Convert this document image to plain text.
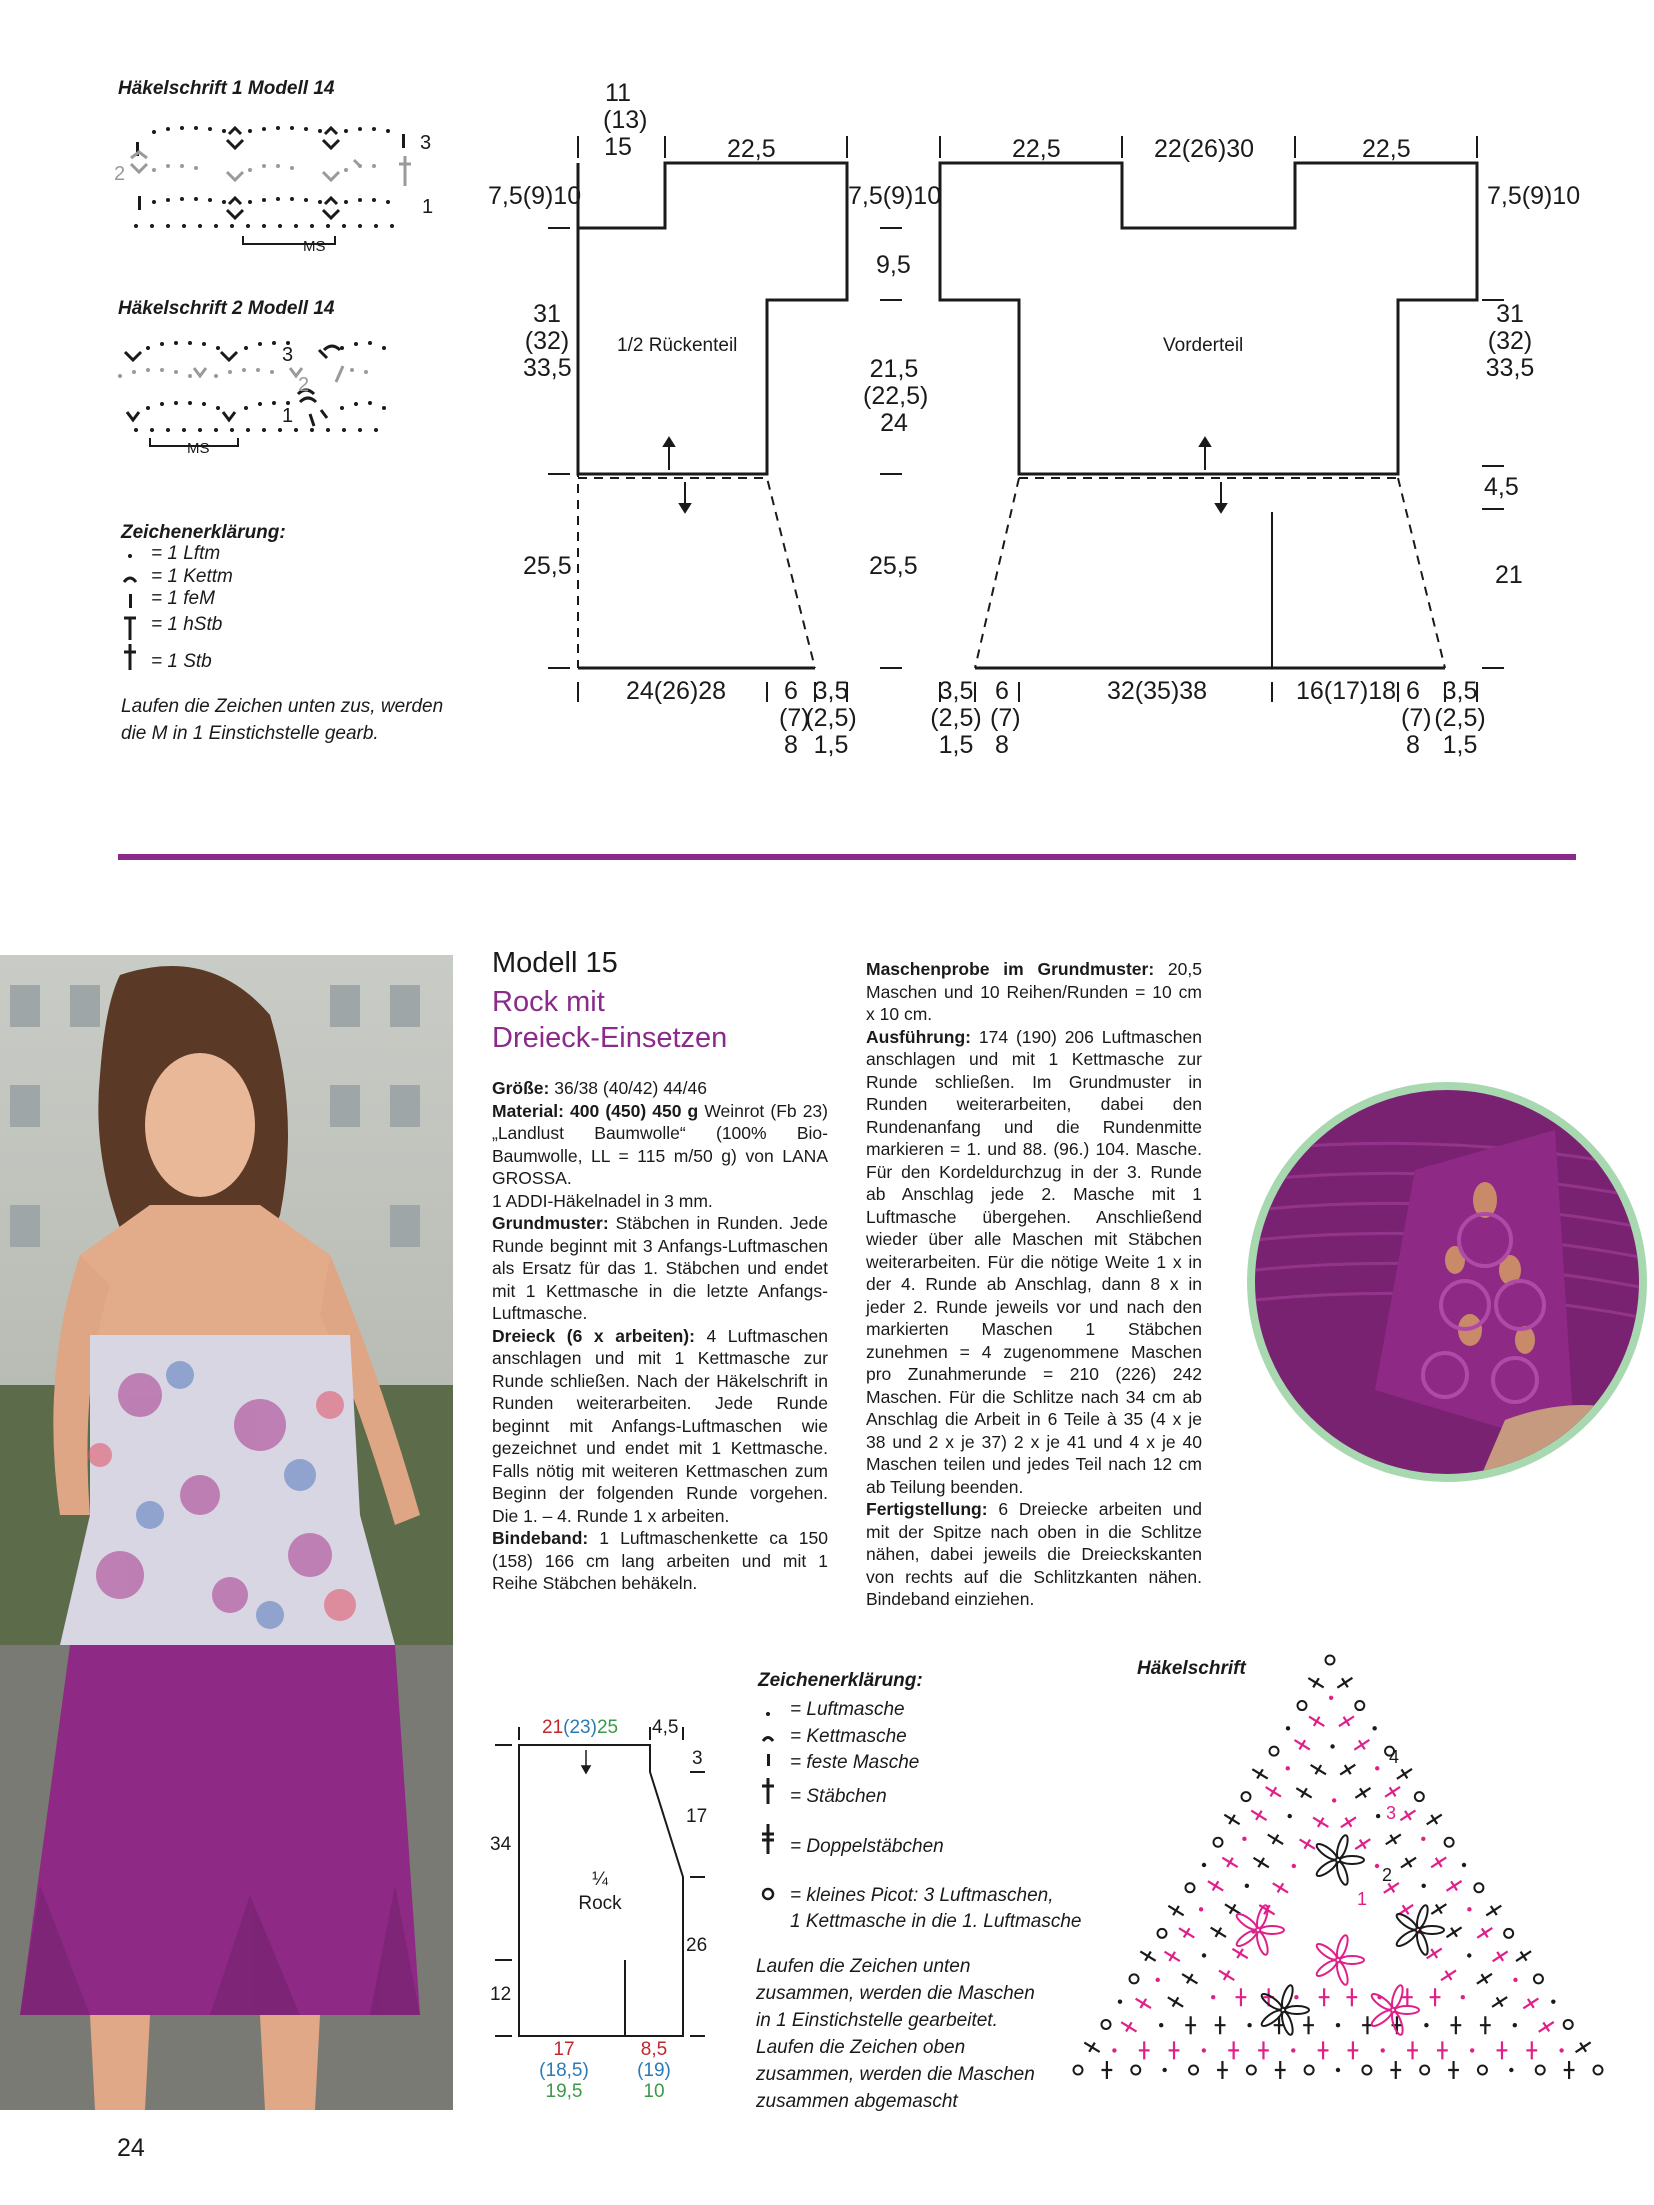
Häkelschrift 1 Modell 14
MS
3
2
1
Häkelschrift 2 Modell 14
MS
3
2
1
Zeichenerklärung:
= 1 Lftm
= 1 Kettm
= 1 feM
= 1 hStb
= 1 Stb
Laufen die Zeichen unten zus, werden
die M in 1 Einstichstelle gearb.
11
(13)
15	22,5
7,5(9)10
31
(32)
33,5
25,5
1/2 Rückenteil
24(26)28 6
(7)
8
3,5
(2,5)
1,5
7,5(9)10
9,5
21,5
(22,5)
24
25,5
22,5	22(26)30	22,5
7,5(9)10
31
(32)
33,5
4,5
21
Vorderteil
3,5
(2,5)
1,5
6
(7)
8
32(35)38	16(17)18 6
(7)
8
3,5
(2,5)
1,5
Modell 15
Rock mit
Dreieck-Einsetzen

Größe: 36/38 (40/42) 44/46

Material: 400 (450) 450 g Weinrot (Fb 23) „Landlust Baumwolle“ (100% Bio-Baumwolle, LL = 115 m/50 g) von LANA GROSSA.

1 ADDI-Häkelnadel in 3 mm.

Grundmuster: Stäbchen in Runden. Jede Runde beginnt mit 3 Anfangs-Luftmaschen als Ersatz für das 1. Stäbchen und endet mit 1 Kettmasche in die letzte Anfangs-Luftmasche.

Dreieck (6 x arbeiten): 4 Luftmaschen anschlagen und mit 1 Kettmasche zur Runde schließen. Nach der Häkelschrift in Runden weiterarbeiten. Jede Runde beginnt mit Anfangs-Luftmaschen wie gezeichnet und endet mit 1 Kettmasche. Falls nötig mit weiteren Kettmaschen zum Beginn der folgenden Runde vorgehen. Die 1. – 4. Runde 1 x arbeiten.

Bindeband: 1 Luftmaschenkette ca 150 (158) 166 cm lang arbeiten und mit 1 Reihe Stäbchen behäkeln.

Maschenprobe im Grundmuster: 20,5 Maschen und 10 Reihen/Runden = 10 cm x 10 cm.

Ausführung: 174 (190) 206 Luftmaschen anschlagen und mit 1 Kettmasche zur Runde schließen. Im Grundmuster in Runden weiterarbeiten, dabei den Rundenanfang und die Rundenmitte markieren = 1. und 88. (96.) 104. Masche. Für den Kordeldurchzug in der 3. Runde ab Anschlag jede 2. Masche mit 1 Luftmasche übergehen. Anschließend wieder über alle Maschen mit Stäbchen weiterarbeiten. Für die nötige Weite 1 x in der 4. Runde ab Anschlag, dann 8 x in jeder 2. Runde jeweils vor und nach den markierten Maschen 1 Stäbchen zunehmen = 4 zugenommene Maschen pro Zunahmerunde = 210 (226) 242 Maschen. Für die Schlitze nach 34 cm ab Anschlag die Arbeit in 6 Teile à 35 (4 x je 38 und 2 x je 37) 2 x je 41 und 4 x je 40 Maschen teilen und jedes Teil nach 12 cm ab Teilung beenden.

Fertigstellung: 6 Dreiecke arbeiten und mit der Spitze nach oben in die Schlitze nähen, dabei jeweils die Dreieckskanten von rechts auf die Schlitzkanten nähen. Bindeband einziehen.

21(23)25 4,5
3
17
26
34
12
¼
Rock
17
(18,5)
19,5
8,5
(19)
10
Zeichenerklärung:
= Luftmasche
= Kettmasche
= feste Masche
= Stäbchen
= Doppelstäbchen
= kleines Picot: 3 Luftmaschen,
1 Kettmasche in die 1. Luftmasche
Laufen die Zeichen unten
zusammen, werden die Maschen
in 1 Einstichstelle gearbeitet.
Laufen die Zeichen oben
zusammen, werden die Maschen
zusammen abgemascht
Häkelschrift
4
3
2
1
24
